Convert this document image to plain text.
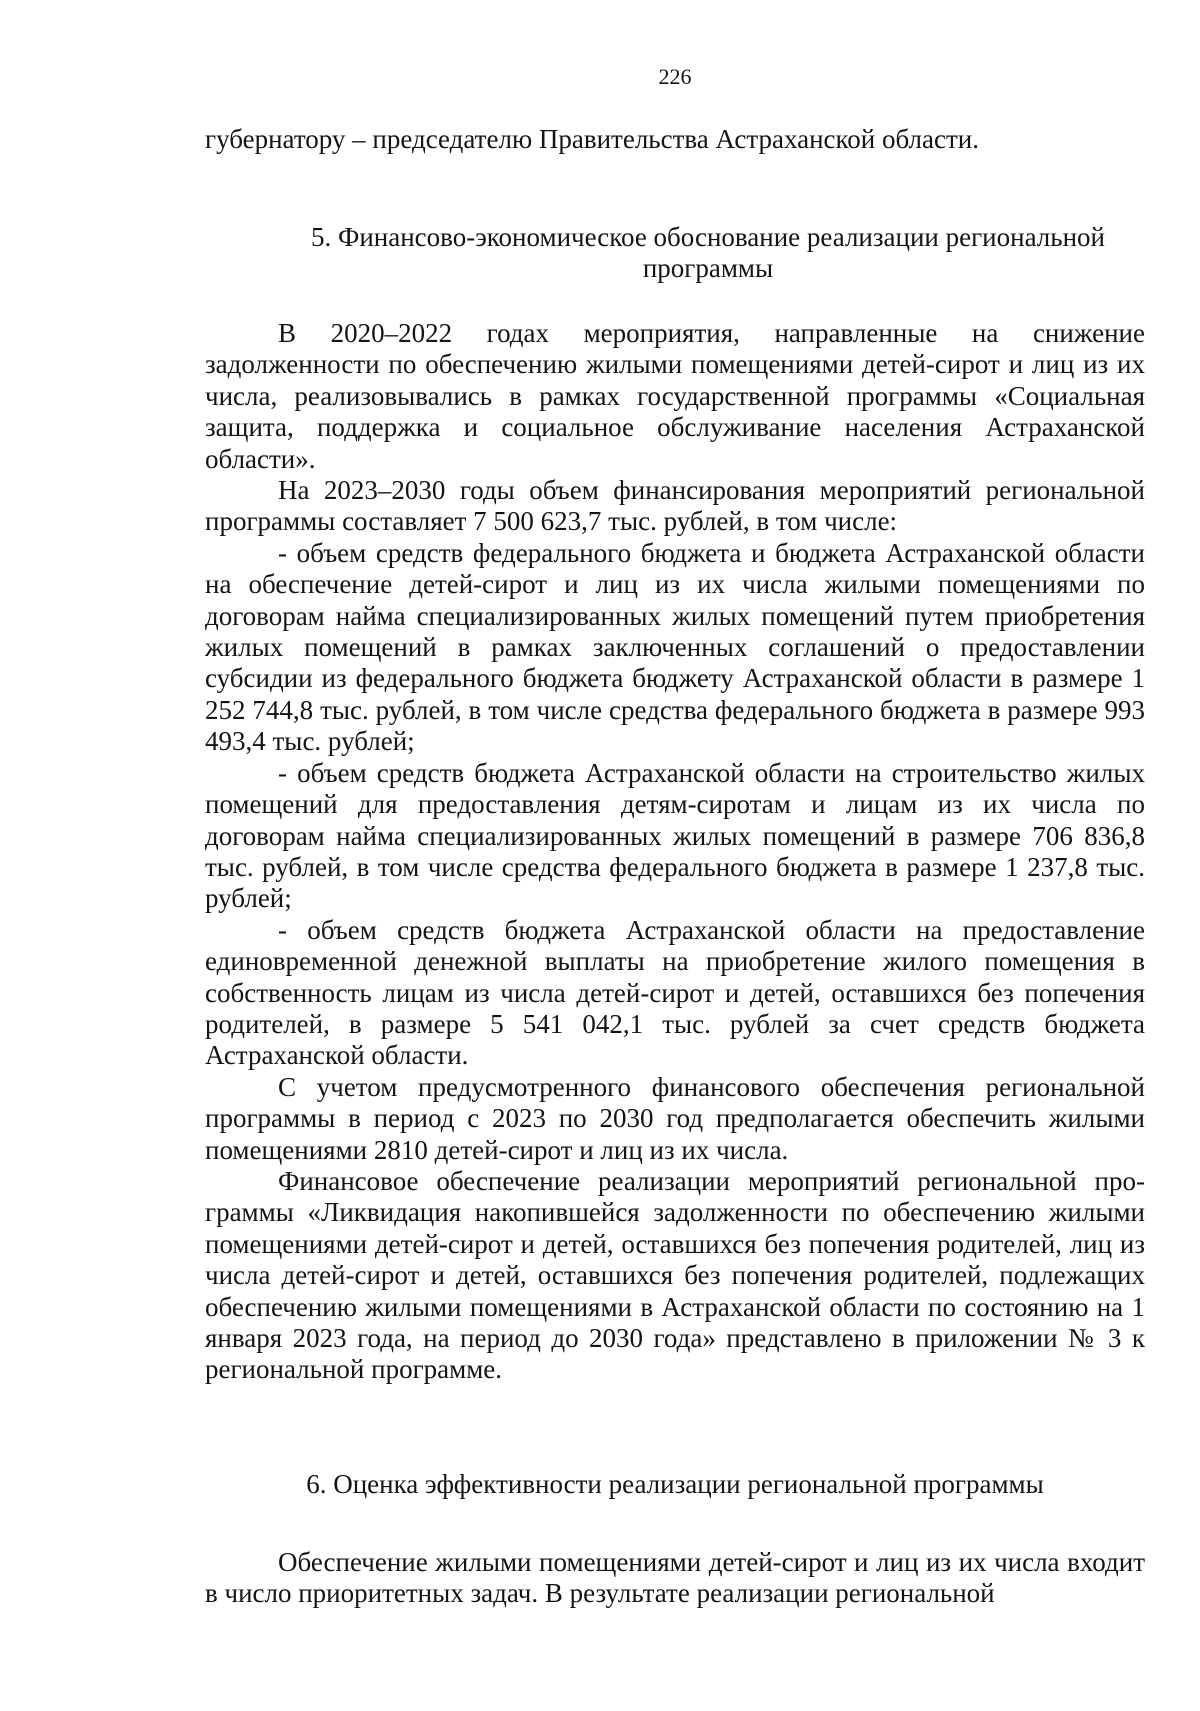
226

губернатору – председателю Правительства Астраханской области.

5. Финансово-экономическое обоснование реализации региональной программы

В 2020–2022 годах мероприятия, направленные на снижение задолженности по обеспечению жилыми помещениями детей-сирот и лиц из их числа, реализовывались в рамках государственной программы «Социальная защита, поддержка и социальное обслуживание населения Астраханской области».

На 2023–2030 годы объем финансирования мероприятий региональной программы составляет 7 500 623,7 тыс. рублей, в том числе:

- объем средств федерального бюджета и бюджета Астраханской области на обеспечение детей-сирот и лиц из их числа жилыми помещениями по договорам найма специализированных жилых помещений путем приобретения жилых помещений в рамках заключенных соглашений о предоставлении субсидии из федерального бюджета бюджету Астраханской области в размере 1 252 744,8 тыс. рублей, в том числе средства федерального бюджета в размере 993 493,4 тыс. рублей;

- объем средств бюджета Астраханской области на строительство жилых помещений для предоставления детям-сиротам и лицам из их числа по договорам найма специализированных жилых помещений в размере 706 836,8 тыс. рублей, в том числе средства федерального бюджета в размере 1 237,8 тыс. рублей;

- объем средств бюджета Астраханской области на предоставление единовременной денежной выплаты на приобретение жилого помещения в собственность лицам из числа детей-сирот и детей, оставшихся без попечения родителей, в размере 5 541 042,1 тыс. рублей за счет средств бюджета Астраханской области.

С учетом предусмотренного финансового обеспечения региональной программы в период с 2023 по 2030 год предполагается обеспечить жилыми помещениями 2810 детей-сирот и лиц из их числа.

Финансовое обеспечение реализации мероприятий региональной программы «Ликвидация накопившейся задолженности по обеспечению жилыми помещениями детей-сирот и детей, оставшихся без попечения родителей, лиц из числа детей-сирот и детей, оставшихся без попечения родителей, подлежащих обеспечению жилыми помещениями в Астраханской области по состоянию на 1 января 2023 года, на период до 2030 года» представлено в приложении № 3 к региональной программе.

6. Оценка эффективности реализации региональной программы

Обеспечение жилыми помещениями детей-сирот и лиц из их числа входит в число приоритетных задач. В результате реализации региональной
